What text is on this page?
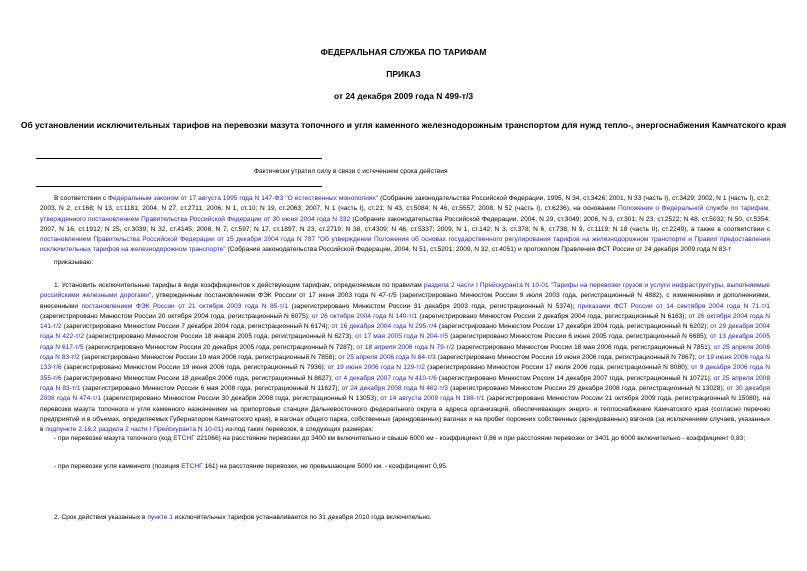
ФЕДЕРАЛЬНАЯ СЛУЖБА ПО ТАРИФАМ
ПРИКАЗ
от 24 декабря 2009 года N 499-т/3
Об установлении исключительных тарифов на перевозки мазута топочного и угля каменного железнодорожным транспортом для нужд тепло-, энергоснабжения Камчатского края
Фактически утратил силу в связи с истечением срока действия
В соответствии с Федеральным законом от 17 августа 1995 года N 147-ФЗ "О естественных монополиях" (Собрание законодательства Российской Федерации, 1995, N 34, ст.3426; 2001, N 33 (часть I), ст.3429; 2002, N 1 (часть I), ст.2; 2003, N 2, ст.168; N 13, ст.1181; 2004, N 27, ст.2711; 2006, N 1, ст.10; N 19, ст.2063; 2007, N 1 (часть I), ст.21; N 43, ст.5084; N 46, ст.5557; 2008, N 52 (часть I), ст.6236), на основании Положения о Федеральной службе по тарифам, утвержденного постановлением Правительства Российской Федерации от 30 июня 2004 года N 332 (Собрание законодательства Российской Федерации, 2004, N 29, ст.3049; 2006, N 3, ст.301; N 23, ст.2522; N 48, ст.5032; N 50, ст.5354; 2007, N 16, ст.1912; N 25, ст.3039; N 32, ст.4145; 2008, N 7, ст.597; N 17, ст.1897; N 23, ст.2719; N 38, ст.4309; N 46, ст.5337; 2009, N 1, ст.142; N 3, ст.378; N 6, ст.738; N 9, ст.1119; N 18 (часть II), ст.2249), а также в соответствии с постановлением Правительства Российской Федерации от 15 декабря 2004 года N 787 "Об утверждении Положения об основах государственного регулирования тарифов на железнодорожном транспорте и Правил предоставления исключительных тарифов на железнодорожном транспорте" (Собрание законодательства Российской Федерации, 2004, N 51, ст.5201; 2009, N 32, ст.4051) и протоколом Правления ФСТ России от 24 декабря 2009 года N 83-т
приказываю:
1. Установить исключительные тарифы в виде коэффициентов к действующим тарифам, определяемым по правилам раздела 2 части I Прейскуранта N 10-01 "Тарифы на перевозки грузов и услуги инфраструктуры, выполняемые российскими железными дорогами", утвержденным постановлением ФЭК России от 17 июня 2003 года N 47-т/5 (зарегистрировано Минюстом России 9 июля 2003 года, регистрационный N 4882), с изменениями и дополнениями, внесенными постановлением ФЭК России от 21 октября 2003 года N 85-т/1 (зарегистрировано Минюстом России 31 декабря 2003 года, регистрационный N 5374); приказами ФСТ России от 14 сентября 2004 года N 71-т/1 (зарегистрировано Минюстом России 20 октября 2004 года, регистрационный N 6075); от 26 октября 2004 года N 140-т/1 (зарегистрировано Минюстом России 2 декабря 2004 года, регистрационный N 6163); от 26 октября 2004 года N 141-т/2 (зарегистрировано Минюстом России 7 декабря 2004 года, регистрационный N 6174); от 16 декабря 2004 года N 295-т/4 (зарегистрировано Минюстом России 17 декабря 2004 года, регистрационный N 6202); от 29 декабря 2004 года N 422-т/2 (зарегистрировано Минюстом России 18 января 2005 года, регистрационный N 6273); от 17 мая 2005 года N 204-т/5 (зарегистрировано Минюстом России 6 июня 2005 года, регистрационный N 6685); от 13 декабря 2005 года N 617-т/5 (зарегистрировано Минюстом России 20 декабря 2005 года, регистрационный N 7287); от 18 апреля 2006 года N 79-т/2 (зарегистрировано Минюстом России 18 мая 2006 года, регистрационный N 7851); от 25 апреля 2006 года N 83-т/2 (зарегистрировано Минюстом России 19 мая 2006 года, регистрационный N 7858); от 25 апреля 2006 года N 84-т/3 (зарегистрировано Минюстом России 19 июня 2006 года, регистрационный N 7867); от 19 июня 2006 года N 133-т/6 (зарегистрировано Минюстом России 19 июня 2006 года, регистрационный N 7936); от 19 июня 2006 года N 129-т/2 (зарегистрировано Минюстом России 17 июля 2006 года, регистрационный N 8080); от 9 декабря 2006 года N 355-т/6 (зарегистрировано Минюстом России 18 декабря 2006 года, регистрационный N 8627); от 4 декабря 2007 года N 410-т/6 (зарегистрировано Минюстом России 14 декабря 2007 года, регистрационный N 10721); от 25 апреля 2008 года N 83-т/1 (зарегистрировано Минюстом России 6 мая 2008 года, регистрационный N 11627); от 24 декабря 2008 года N 462-т/3 (зарегистрировано Минюстом России 29 декабря 2008 года, регистрационный N 13028); от 30 декабря 2008 года N 474-т/1 (зарегистрировано Минюстом России 30 декабря 2008 года, регистрационный N 13053); от 14 августа 2009 года N 188-т/1 (зарегистрировано Минюстом России 21 октября 2009 года, регистрационный N 15080), на перевозки мазута топочного и угля каменного назначением на припортовые станции Дальневосточного федерального округа в адреса организаций, обеспечивающих энерго- и теплоснабжение Камчатского края (согласно перечню предприятий и в объемах, определяемых Губернатором Камчатского края), в вагонах общего парка, собственных (арендованных) вагонах и на пробег порожних собственных (арендованных) вагонов (за исключением случаев, указанных в подпункте 2.16.2 раздела 2 части I Прейскуранта N 10-01) из-под таких перевозок, в следующих размерах:
- при перевозке мазута топочного (код ЕТСНГ 221066) на расстояние перевозки до 3400 км включительно и свыше 6000 км - коэффициент 0,86 и при расстоянии перевозки от 3401 до 6000 включительно - коэффициент 0,83;
- при перевозке угля каменного (позиция ЕТСНГ 161) на расстояние перевозки, не превышающие 5000 км. - коэффициент 0,95.
2. Срок действия указанных в пункте 1 исключительных тарифов устанавливается по 31 декабря 2010 года включительно.
